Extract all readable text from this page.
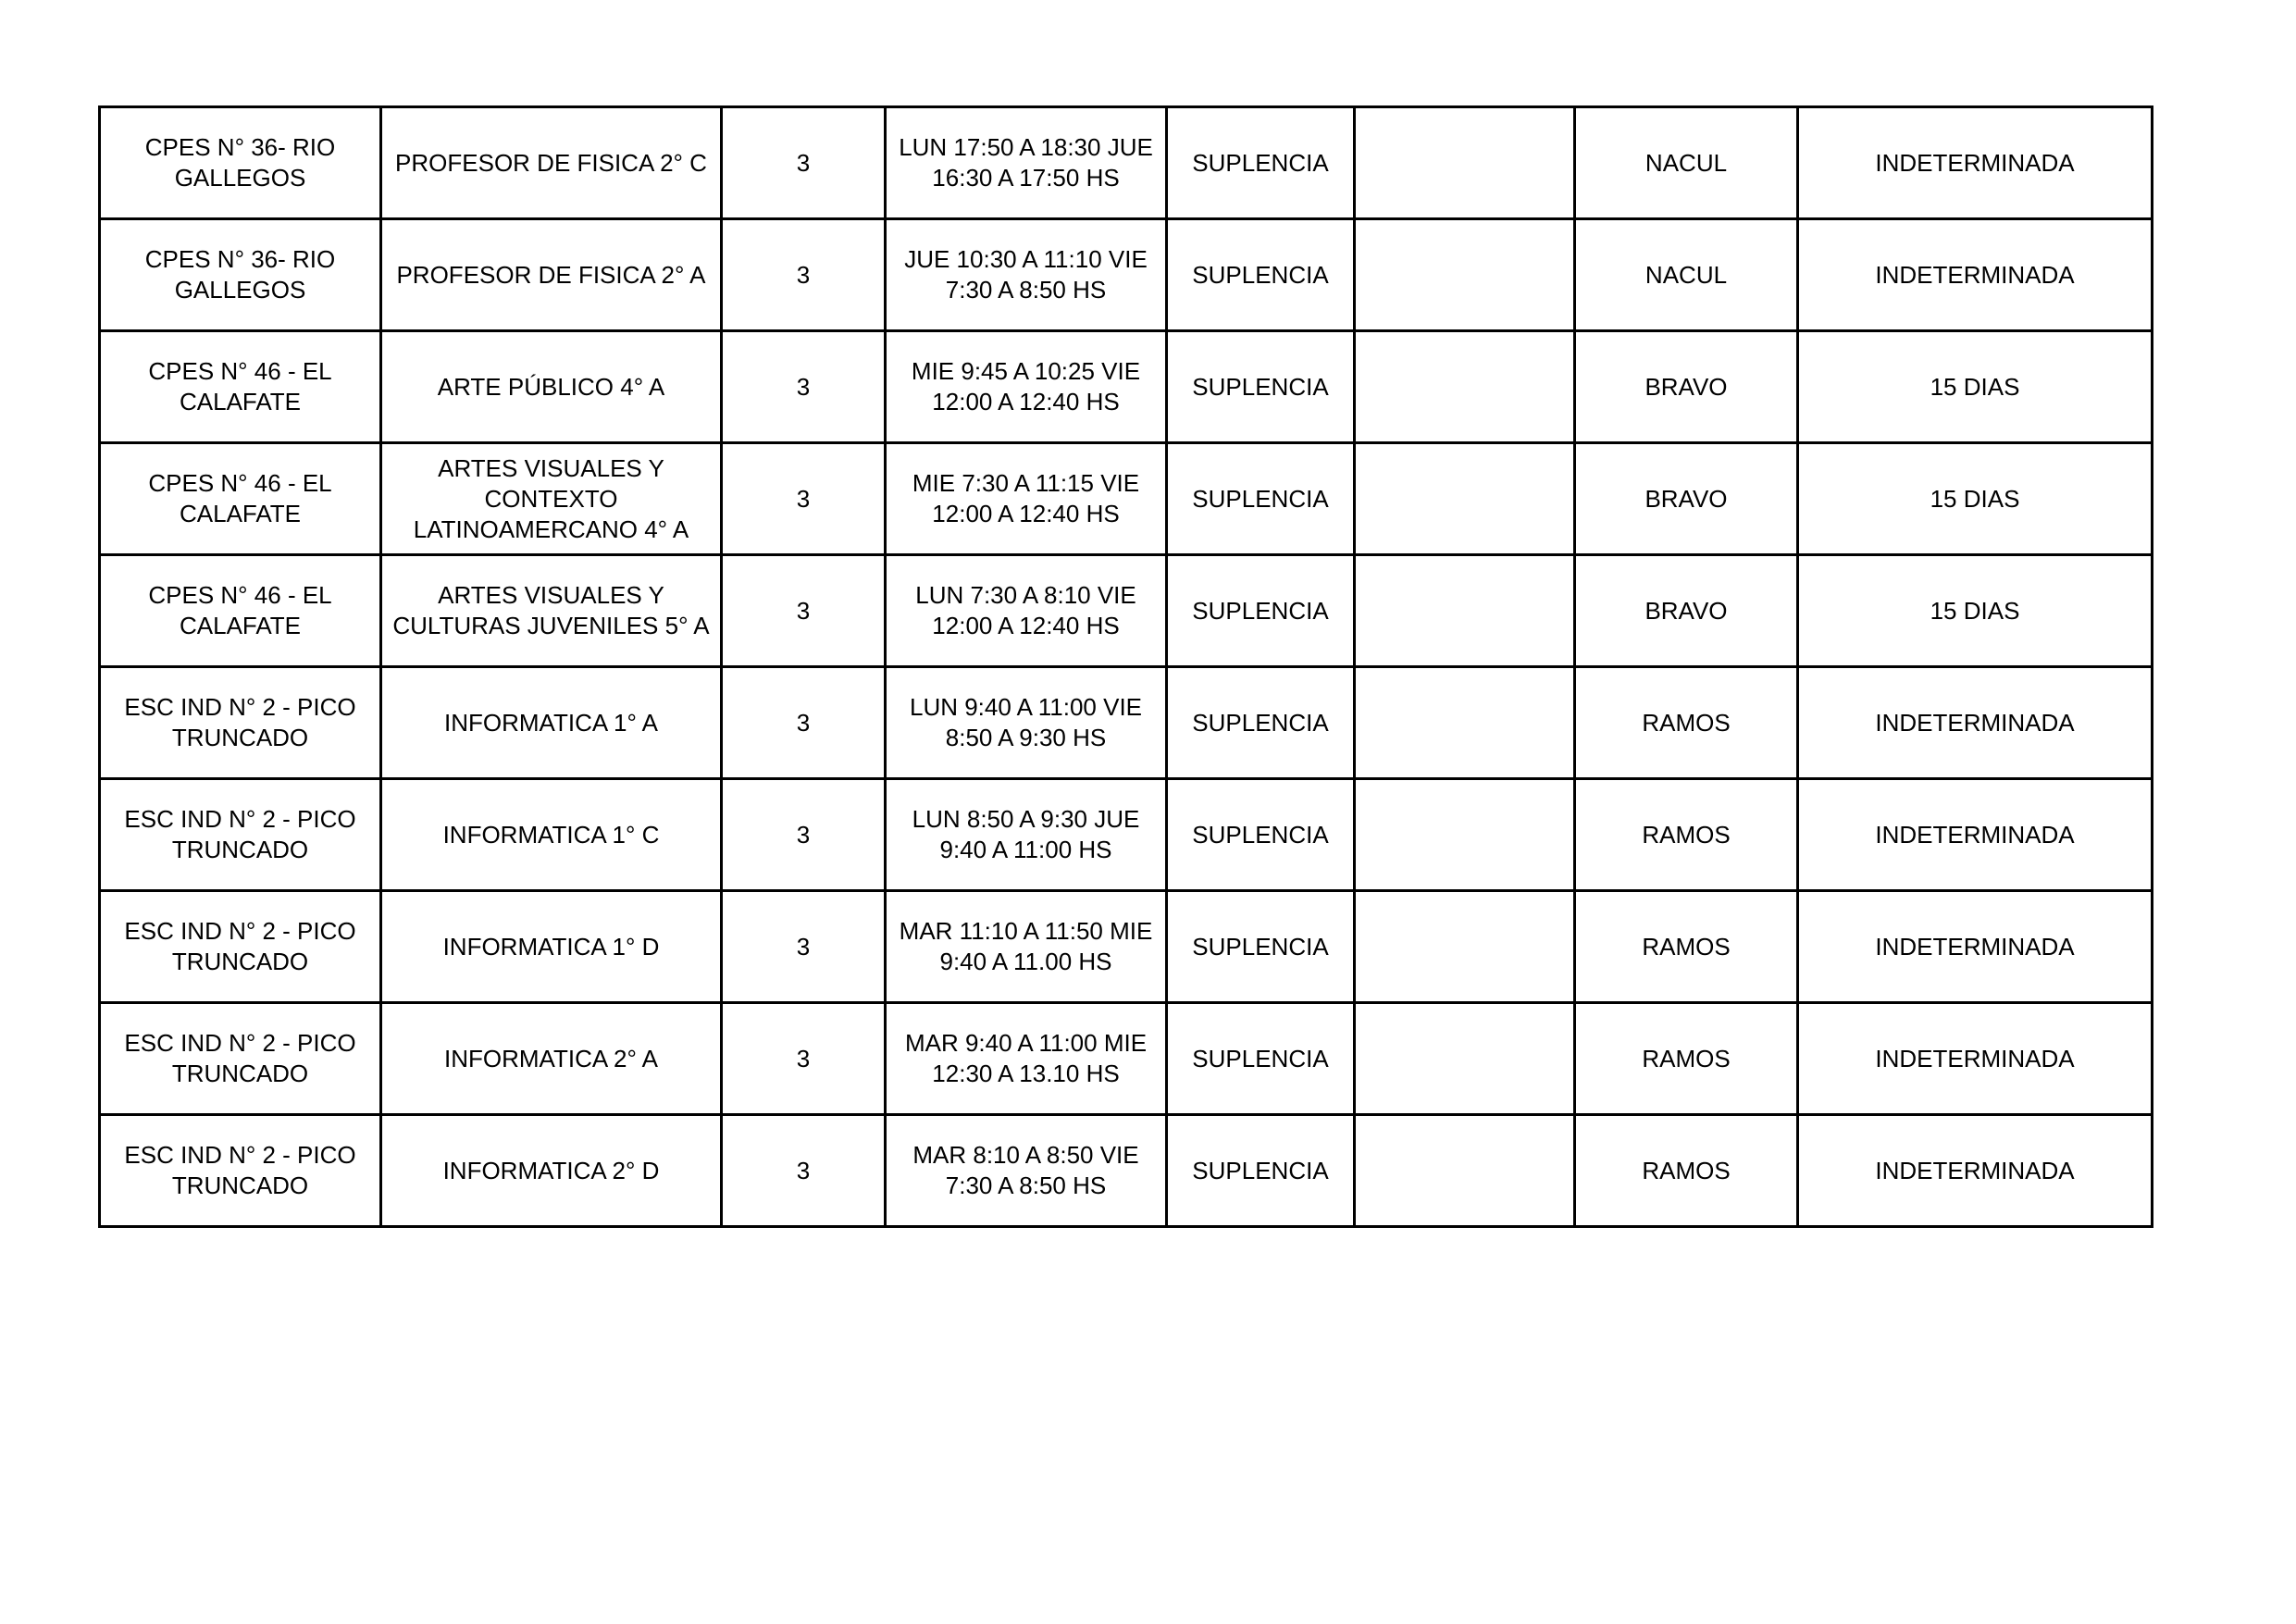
CPES N° 36- RIO GALLEGOS	PROFESOR DE FISICA 2° C	3	LUN 17:50 A 18:30 JUE 16:30 A 17:50 HS	SUPLENCIA		NACUL	INDETERMINADA
CPES N° 36- RIO GALLEGOS	PROFESOR DE FISICA 2° A	3	JUE 10:30 A 11:10 VIE 7:30 A 8:50 HS	SUPLENCIA		NACUL	INDETERMINADA
CPES N° 46 - EL CALAFATE	ARTE PÚBLICO 4° A	3	MIE 9:45 A 10:25 VIE 12:00 A 12:40 HS	SUPLENCIA		BRAVO	15 DIAS
CPES N° 46 - EL CALAFATE	ARTES VISUALES Y CONTEXTO LATINOAMERCANO 4° A	3	MIE 7:30 A 11:15 VIE 12:00 A 12:40 HS	SUPLENCIA		BRAVO	15 DIAS
CPES N° 46 - EL CALAFATE	ARTES VISUALES Y CULTURAS JUVENILES 5° A	3	LUN 7:30 A 8:10 VIE 12:00 A 12:40 HS	SUPLENCIA		BRAVO	15 DIAS
ESC IND N° 2 - PICO TRUNCADO	INFORMATICA 1° A	3	LUN 9:40 A 11:00 VIE 8:50 A 9:30 HS	SUPLENCIA		RAMOS	INDETERMINADA
ESC IND N° 2 - PICO TRUNCADO	INFORMATICA 1° C	3	LUN 8:50 A 9:30 JUE 9:40 A 11:00 HS	SUPLENCIA		RAMOS	INDETERMINADA
ESC IND N° 2 - PICO TRUNCADO	INFORMATICA 1° D	3	MAR 11:10 A 11:50 MIE 9:40 A 11.00 HS	SUPLENCIA		RAMOS	INDETERMINADA
ESC IND N° 2 - PICO TRUNCADO	INFORMATICA 2° A	3	MAR 9:40 A 11:00 MIE 12:30 A 13.10 HS	SUPLENCIA		RAMOS	INDETERMINADA
ESC IND N° 2 - PICO TRUNCADO	INFORMATICA 2° D	3	MAR 8:10 A 8:50 VIE 7:30 A 8:50 HS	SUPLENCIA		RAMOS	INDETERMINADA
